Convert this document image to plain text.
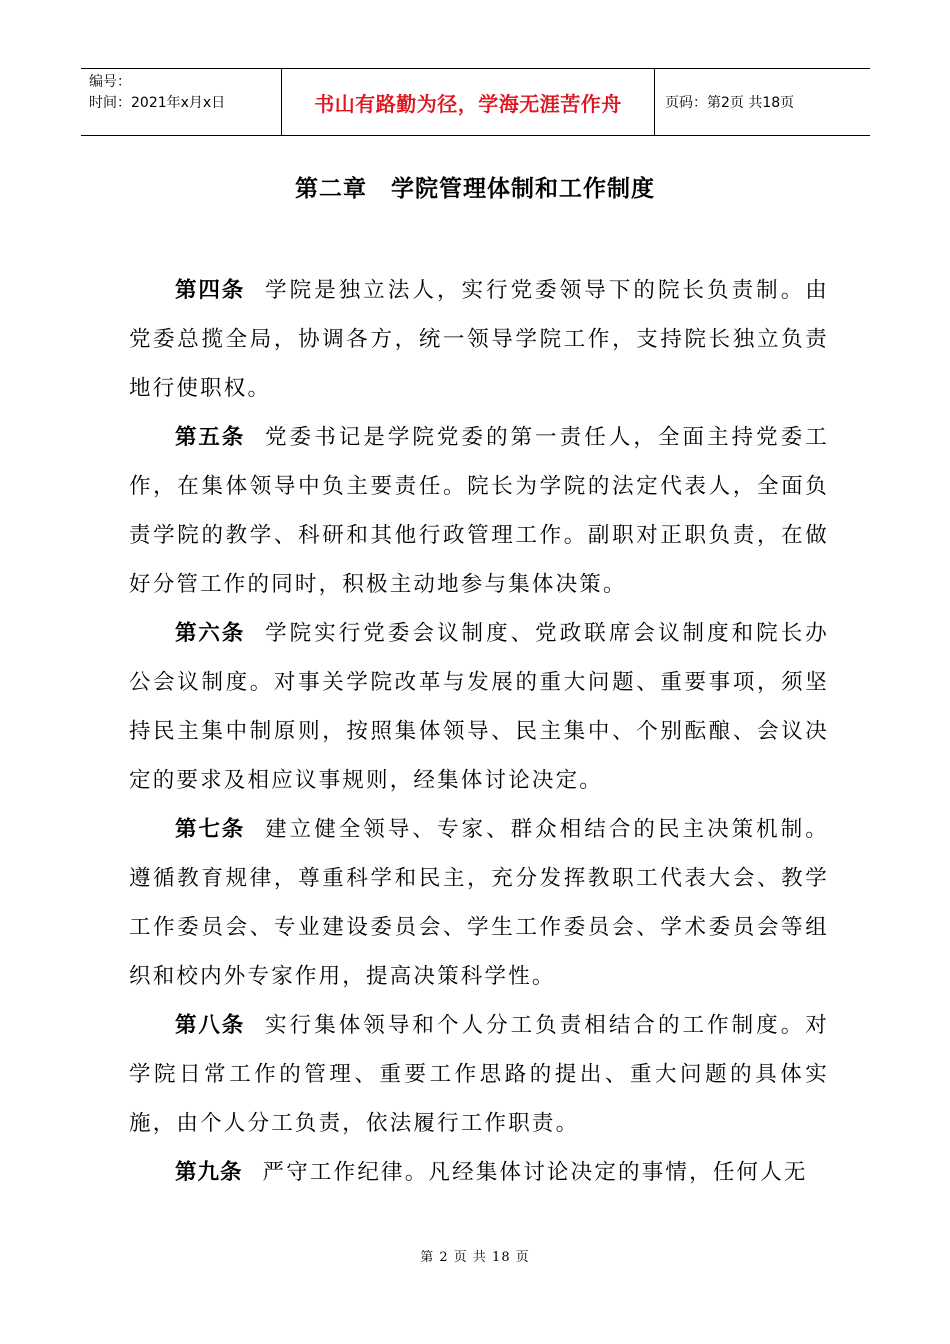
编号：
时间：2021年x月x日	书山有路勤为径，学海无涯苦作舟	页码：第2页 共18页
第二章　学院管理体制和工作制度

第四条 学院是独立法人，实行党委领导下的院长负责制。由党委总揽全局，协调各方，统一领导学院工作，支持院长独立负责地行使职权。

第五条 党委书记是学院党委的第一责任人，全面主持党委工作，在集体领导中负主要责任。院长为学院的法定代表人，全面负责学院的教学、科研和其他行政管理工作。副职对正职负责，在做好分管工作的同时，积极主动地参与集体决策。

第六条 学院实行党委会议制度、党政联席会议制度和院长办公会议制度。对事关学院改革与发展的重大问题、重要事项，须坚持民主集中制原则，按照集体领导、民主集中、个别酝酿、会议决定的要求及相应议事规则，经集体讨论决定。

第七条 建立健全领导、专家、群众相结合的民主决策机制。遵循教育规律，尊重科学和民主，充分发挥教职工代表大会、教学工作委员会、专业建设委员会、学生工作委员会、学术委员会等组织和校内外专家作用，提高决策科学性。

第八条 实行集体领导和个人分工负责相结合的工作制度。对学院日常工作的管理、重要工作思路的提出、重大问题的具体实施，由个人分工负责，依法履行工作职责。

第九条 严守工作纪律。凡经集体讨论决定的事情，任何人无

第 2 页 共 18 页
